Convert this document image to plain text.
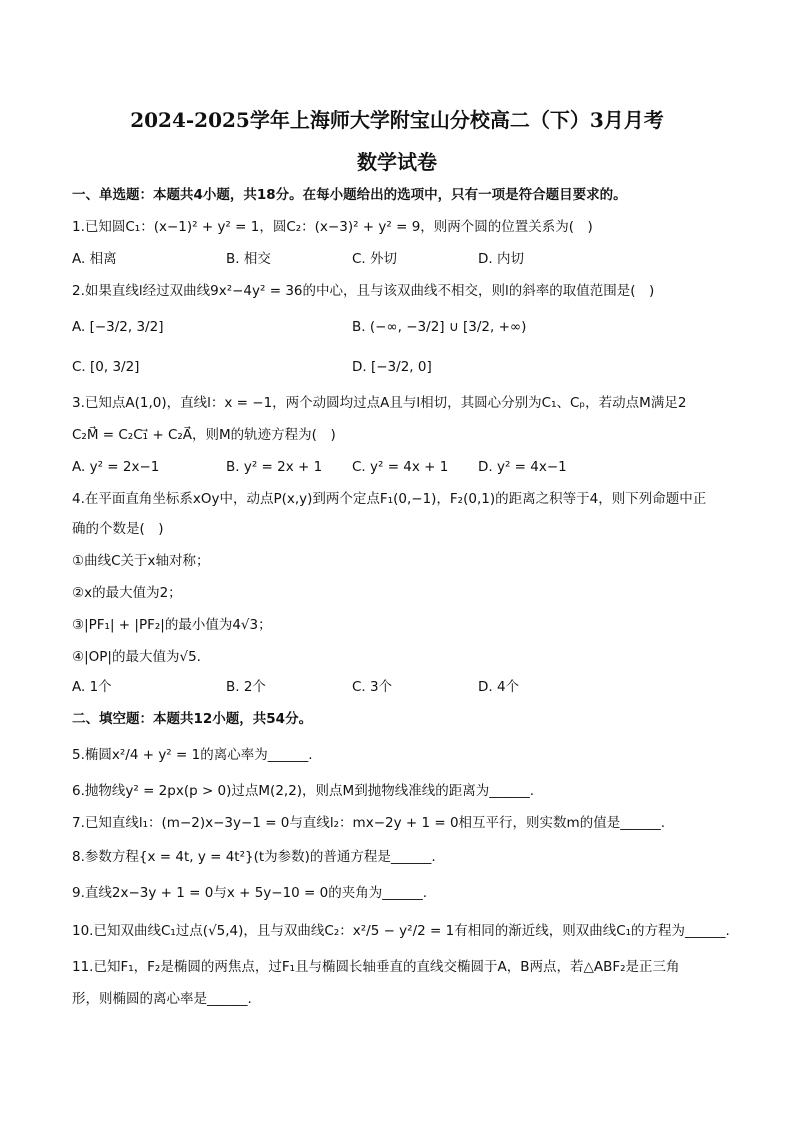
2024-2025学年上海师大学附宝山分校高二（下）3月月考
数学试卷
一、单选题：本题共4小题，共18分。在每小题给出的选项中，只有一项是符合题目要求的。
1.已知圆C₁：(x−1)² + y² = 1，圆C₂：(x−3)² + y² = 9，则两个圆的位置关系为(　)
A. 相离	B. 相交	C. 外切	D. 内切
2.如果直线l经过双曲线9x²−4y² = 36的中心，且与该双曲线不相交，则l的斜率的取值范围是(　)
A. [−3/2, 3/2]	B. (−∞, −3/2] ∪ [3/2, +∞)
C. [0, 3/2]	D. [−3/2, 0]
3.已知点A(1,0)，直线l：x = −1，两个动圆均过点A且与l相切，其圆心分别为C₁、Cₚ，若动点M满足2
C₂M⃗ = C₂C₁⃗ + C₂A⃗，则M的轨迹方程为(　)
A. y² = 2x−1	B. y² = 2x + 1 C. y² = 4x + 1 D. y² = 4x−1
4.在平面直角坐标系xOy中，动点P(x,y)到两个定点F₁(0,−1)，F₂(0,1)的距离之积等于4，则下列命题中正
确的个数是(　)
①曲线C关于x轴对称；
②x的最大值为2；
③|PF₁| + |PF₂|的最小值为4√3；
④|OP|的最大值为√5.
A. 1个	B. 2个	C. 3个	D. 4个
二、填空题：本题共12小题，共54分。
5.椭圆x²/4 + y² = 1的离心率为______.
6.抛物线y² = 2px(p > 0)过点M(2,2)，则点M到抛物线准线的距离为______.
7.已知直线l₁：(m−2)x−3y−1 = 0与直线l₂：mx−2y + 1 = 0相互平行，则实数m的值是______.
8.参数方程{x = 4t, y = 4t²}(t为参数)的普通方程是______.
9.直线2x−3y + 1 = 0与x + 5y−10 = 0的夹角为______.
10.已知双曲线C₁过点(√5,4)，且与双曲线C₂：x²/5 − y²/2 = 1有相同的渐近线，则双曲线C₁的方程为______.
11.已知F₁，F₂是椭圆的两焦点，过F₁且与椭圆长轴垂直的直线交椭圆于A，B两点，若△ABF₂是正三角
形，则椭圆的离心率是______.
